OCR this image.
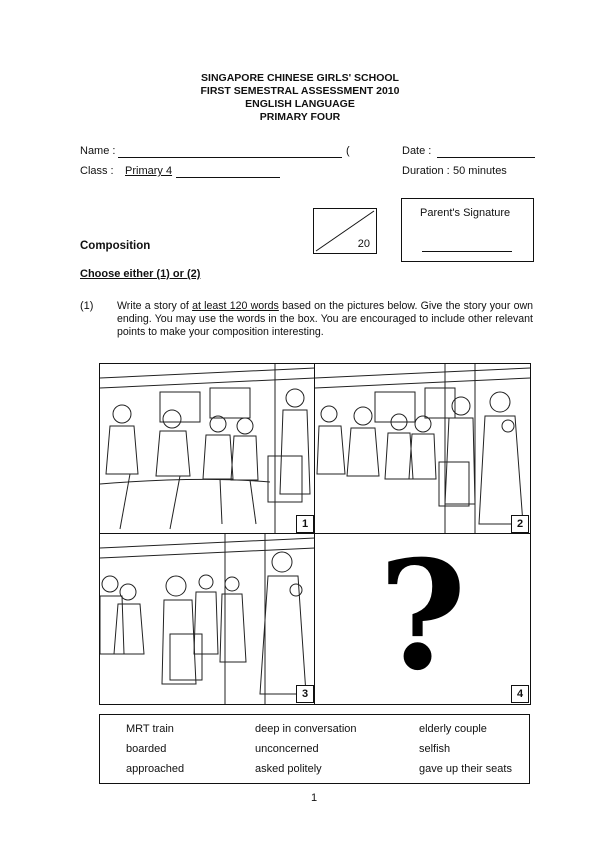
SINGAPORE CHINESE GIRLS' SCHOOL
FIRST SEMESTRAL ASSESSMENT 2010
ENGLISH LANGUAGE
PRIMARY FOUR
Name :	(	Date :
Class : Primary 4	Duration : 50 minutes
20
Parent's Signature
Composition
Choose either (1) or (2)
(1) Write a story of at least 120 words based on the pictures below. Give the story your own ending. You may use the words in the box. You are encouraged to include other relevant points to make your composition interesting.
1	2
3 ?	4
MRT train	deep in conversation	elderly couple
boarded	unconcerned	selfish
approached	asked politely	gave up their seats
1
